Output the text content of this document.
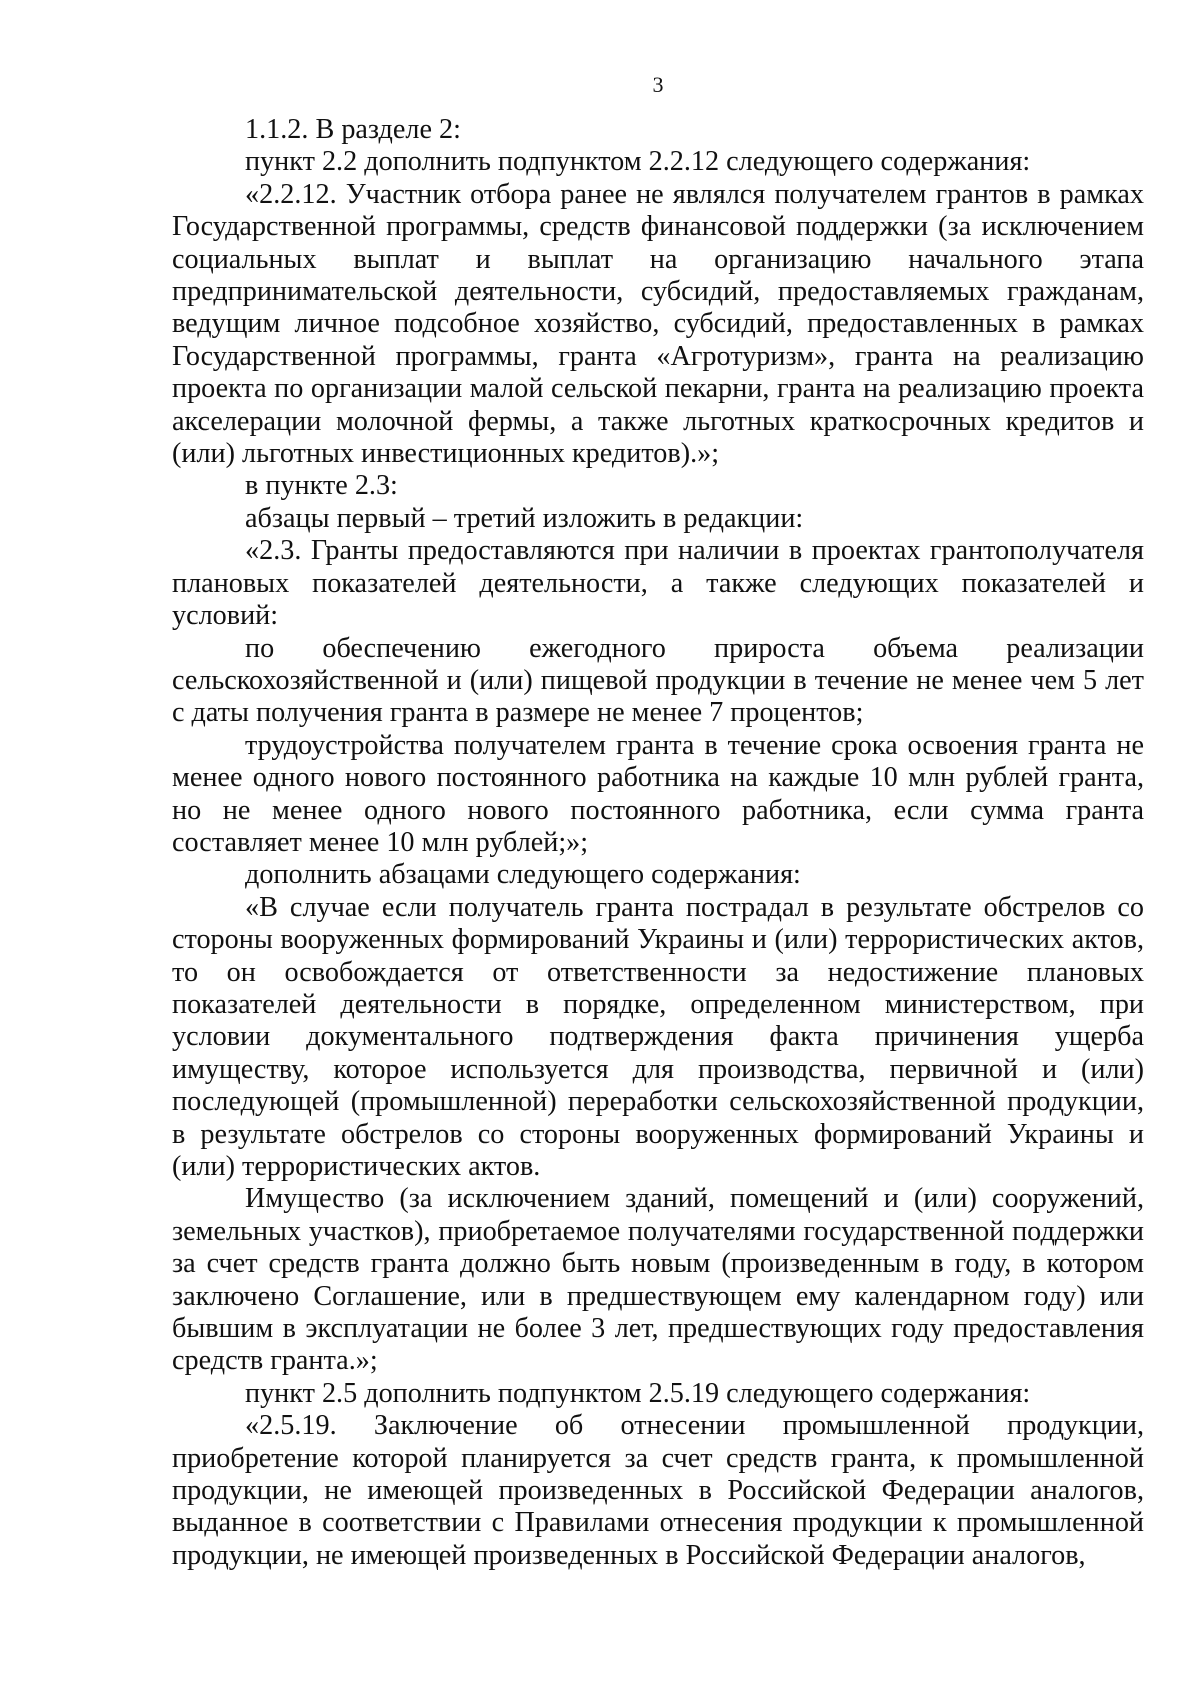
3

1.1.2. В разделе 2:

пункт 2.2 дополнить подпунктом 2.2.12 следующего содержания:

«2.2.12. Участник отбора ранее не являлся получателем грантов в рамках Государственной программы, средств финансовой поддержки (за исключением социальных выплат и выплат на организацию начального этапа предпринимательской деятельности, субсидий, предоставляемых гражданам, ведущим личное подсобное хозяйство, субсидий, предоставленных в рамках Государственной программы, гранта «Агротуризм», гранта на реализацию проекта по организации малой сельской пекарни, гранта на реализацию проекта акселерации молочной фермы, а также льготных краткосрочных кредитов и (или) льготных инвестиционных кредитов).»;

в пункте 2.3:

абзацы первый – третий изложить в редакции:

«2.3. Гранты предоставляются при наличии в проектах грантополучателя плановых показателей деятельности, а также следующих показателей и условий:

по обеспечению ежегодного прироста объема реализации сельскохозяйственной и (или) пищевой продукции в течение не менее чем 5 лет с даты получения гранта в размере не менее 7 процентов;

трудоустройства получателем гранта в течение срока освоения гранта не менее одного нового постоянного работника на каждые 10 млн рублей гранта, но не менее одного нового постоянного работника, если сумма гранта составляет менее 10 млн рублей;»;

дополнить абзацами следующего содержания:

«В случае если получатель гранта пострадал в результате обстрелов со стороны вооруженных формирований Украины и (или) террористических актов, то он освобождается от ответственности за недостижение плановых показателей деятельности в порядке, определенном министерством, при условии документального подтверждения факта причинения ущерба имуществу, которое используется для производства, первичной и (или) последующей (промышленной) переработки сельскохозяйственной продукции, в результате обстрелов со стороны вооруженных формирований Украины и (или) террористических актов.

Имущество (за исключением зданий, помещений и (или) сооружений, земельных участков), приобретаемое получателями государственной поддержки за счет средств гранта должно быть новым (произведенным в году, в котором заключено Соглашение, или в предшествующем ему календарном году) или бывшим в эксплуатации не более 3 лет, предшествующих году предоставления средств гранта.»;

пункт 2.5 дополнить подпунктом 2.5.19 следующего содержания:

«2.5.19. Заключение об отнесении промышленной продукции, приобретение которой планируется за счет средств гранта, к промышленной продукции, не имеющей произведенных в Российской Федерации аналогов, выданное в соответствии с Правилами отнесения продукции к промышленной продукции, не имеющей произведенных в Российской Федерации аналогов,
